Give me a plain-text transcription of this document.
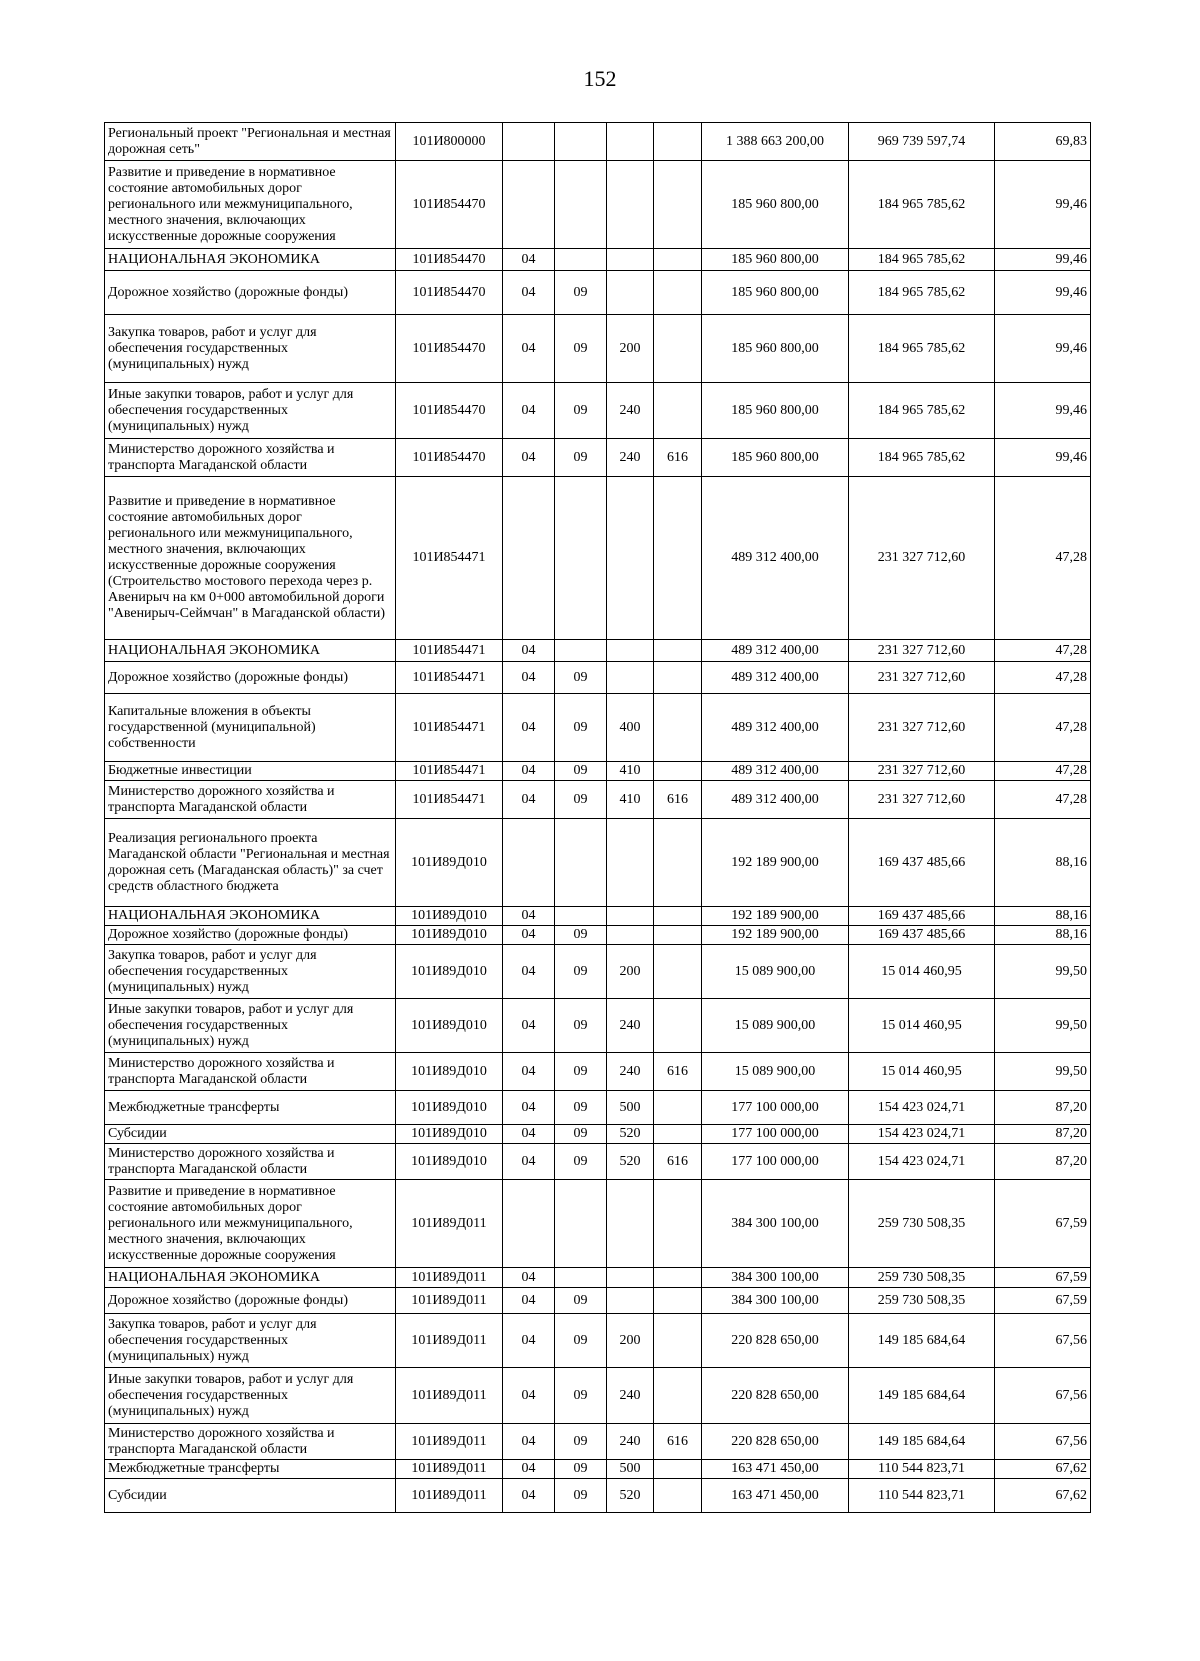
152
Региональный проект "Региональная и местная дорожная сеть"	101И800000					1 388 663 200,00	969 739 597,74	69,83
Развитие и приведение в нормативное состояние автомобильных дорог регионального или межмуниципального, местного значения, включающих искусственные дорожные сооружения	101И854470					185 960 800,00	184 965 785,62	99,46
НАЦИОНАЛЬНАЯ ЭКОНОМИКА	101И854470	04				185 960 800,00	184 965 785,62	99,46
Дорожное хозяйство (дорожные фонды)	101И854470	04	09			185 960 800,00	184 965 785,62	99,46
Закупка товаров, работ и услуг для обеспечения государственных (муниципальных) нужд	101И854470	04	09	200		185 960 800,00	184 965 785,62	99,46
Иные закупки товаров, работ и услуг для обеспечения государственных (муниципальных) нужд	101И854470	04	09	240		185 960 800,00	184 965 785,62	99,46
Министерство дорожного хозяйства и транспорта Магаданской области	101И854470	04	09	240	616	185 960 800,00	184 965 785,62	99,46
Развитие и приведение в нормативное состояние автомобильных дорог регионального или межмуниципального, местного значения, включающих искусственные дорожные сооружения (Строительство мостового перехода через р. Авенирыч на км 0+000 автомобильной дороги "Авенирыч-Сеймчан" в Магаданской области)	101И854471					489 312 400,00	231 327 712,60	47,28
НАЦИОНАЛЬНАЯ ЭКОНОМИКА	101И854471	04				489 312 400,00	231 327 712,60	47,28
Дорожное хозяйство (дорожные фонды)	101И854471	04	09			489 312 400,00	231 327 712,60	47,28
Капитальные вложения в объекты государственной (муниципальной) собственности	101И854471	04	09	400		489 312 400,00	231 327 712,60	47,28
Бюджетные инвестиции	101И854471	04	09	410		489 312 400,00	231 327 712,60	47,28
Министерство дорожного хозяйства и транспорта Магаданской области	101И854471	04	09	410	616	489 312 400,00	231 327 712,60	47,28
Реализация регионального проекта Магаданской области "Региональная и местная дорожная сеть (Магаданская область)" за счет средств областного бюджета	101И89Д010					192 189 900,00	169 437 485,66	88,16
НАЦИОНАЛЬНАЯ ЭКОНОМИКА	101И89Д010	04				192 189 900,00	169 437 485,66	88,16
Дорожное хозяйство (дорожные фонды)	101И89Д010	04	09			192 189 900,00	169 437 485,66	88,16
Закупка товаров, работ и услуг для обеспечения государственных (муниципальных) нужд	101И89Д010	04	09	200		15 089 900,00	15 014 460,95	99,50
Иные закупки товаров, работ и услуг для обеспечения государственных (муниципальных) нужд	101И89Д010	04	09	240		15 089 900,00	15 014 460,95	99,50
Министерство дорожного хозяйства и транспорта Магаданской области	101И89Д010	04	09	240	616	15 089 900,00	15 014 460,95	99,50
Межбюджетные трансферты	101И89Д010	04	09	500		177 100 000,00	154 423 024,71	87,20
Субсидии	101И89Д010	04	09	520		177 100 000,00	154 423 024,71	87,20
Министерство дорожного хозяйства и транспорта Магаданской области	101И89Д010	04	09	520	616	177 100 000,00	154 423 024,71	87,20
Развитие и приведение в нормативное состояние автомобильных дорог регионального или межмуниципального, местного значения, включающих искусственные дорожные сооружения	101И89Д011					384 300 100,00	259 730 508,35	67,59
НАЦИОНАЛЬНАЯ ЭКОНОМИКА	101И89Д011	04				384 300 100,00	259 730 508,35	67,59
Дорожное хозяйство (дорожные фонды)	101И89Д011	04	09			384 300 100,00	259 730 508,35	67,59
Закупка товаров, работ и услуг для обеспечения государственных (муниципальных) нужд	101И89Д011	04	09	200		220 828 650,00	149 185 684,64	67,56
Иные закупки товаров, работ и услуг для обеспечения государственных (муниципальных) нужд	101И89Д011	04	09	240		220 828 650,00	149 185 684,64	67,56
Министерство дорожного хозяйства и транспорта Магаданской области	101И89Д011	04	09	240	616	220 828 650,00	149 185 684,64	67,56
Межбюджетные трансферты	101И89Д011	04	09	500		163 471 450,00	110 544 823,71	67,62
Субсидии	101И89Д011	04	09	520		163 471 450,00	110 544 823,71	67,62
